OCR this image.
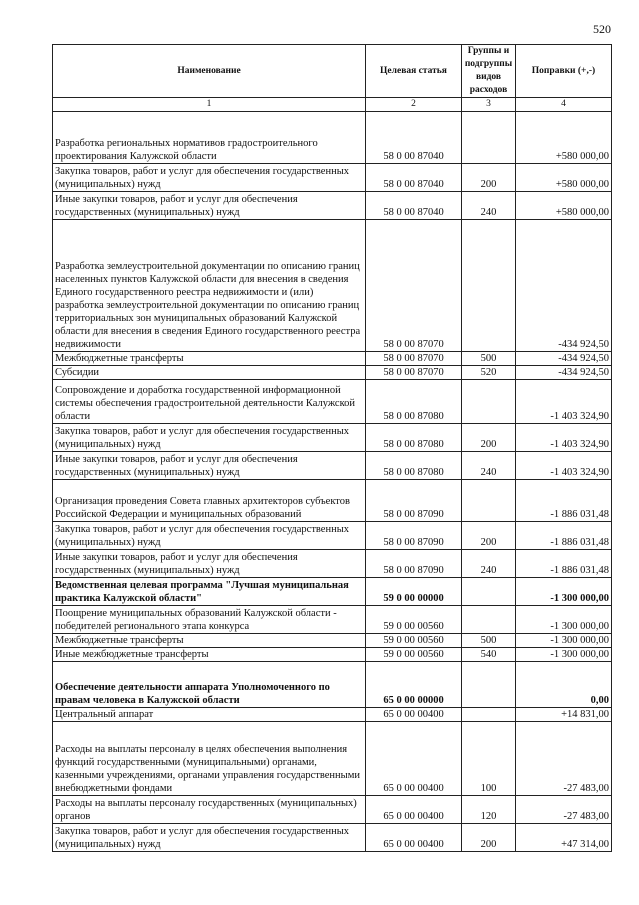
520
Наименование	Целевая статья	Группы и подгруппы видов расходов	Поправки (+,-)
1	2	3	4
Разработка региональных нормативов градостроительного проектирования Калужской области	58 0 00 87040		+580 000,00
Закупка товаров, работ и услуг для обеспечения государственных (муниципальных) нужд	58 0 00 87040	200	+580 000,00
Иные закупки товаров, работ и услуг для обеспечения государственных (муниципальных) нужд	58 0 00 87040	240	+580 000,00
Разработка землеустроительной документации по описанию границ населенных пунктов Калужской области для внесения в сведения Единого государственного реестра недвижимости и (или) разработка землеустроительной документации по описанию границ территориальных зон муниципальных образований Калужской области для внесения в сведения Единого государственного реестра недвижимости	58 0 00 87070		-434 924,50
Межбюджетные трансферты	58 0 00 87070	500	-434 924,50
Субсидии	58 0 00 87070	520	-434 924,50
Сопровождение и доработка государственной информационной системы обеспечения градостроительной деятельности Калужской области	58 0 00 87080		-1 403 324,90
Закупка товаров, работ и услуг для обеспечения государственных (муниципальных) нужд	58 0 00 87080	200	-1 403 324,90
Иные закупки товаров, работ и услуг для обеспечения государственных (муниципальных) нужд	58 0 00 87080	240	-1 403 324,90
Организация проведения Совета главных архитекторов субъектов Российской Федерации и муниципальных образований	58 0 00 87090		-1 886 031,48
Закупка товаров, работ и услуг для обеспечения государственных (муниципальных) нужд	58 0 00 87090	200	-1 886 031,48
Иные закупки товаров, работ и услуг для обеспечения государственных (муниципальных) нужд	58 0 00 87090	240	-1 886 031,48
Ведомственная целевая программа "Лучшая муниципальная практика Калужской области"	59 0 00 00000		-1 300 000,00
Поощрение муниципальных образований Калужской области - победителей регионального этапа конкурса	59 0 00 00560		-1 300 000,00
Межбюджетные трансферты	59 0 00 00560	500	-1 300 000,00
Иные межбюджетные трансферты	59 0 00 00560	540	-1 300 000,00
Обеспечение деятельности аппарата Уполномоченного по правам человека в Калужской области	65 0 00 00000		0,00
Центральный аппарат	65 0 00 00400		+14 831,00
Расходы на выплаты персоналу в целях обеспечения выполнения функций государственными (муниципальными) органами, казенными учреждениями, органами управления государственными внебюджетными фондами	65 0 00 00400	100	-27 483,00
Расходы на выплаты персоналу государственных (муниципальных) органов	65 0 00 00400	120	-27 483,00
Закупка товаров, работ и услуг для обеспечения государственных (муниципальных) нужд	65 0 00 00400	200	+47 314,00
